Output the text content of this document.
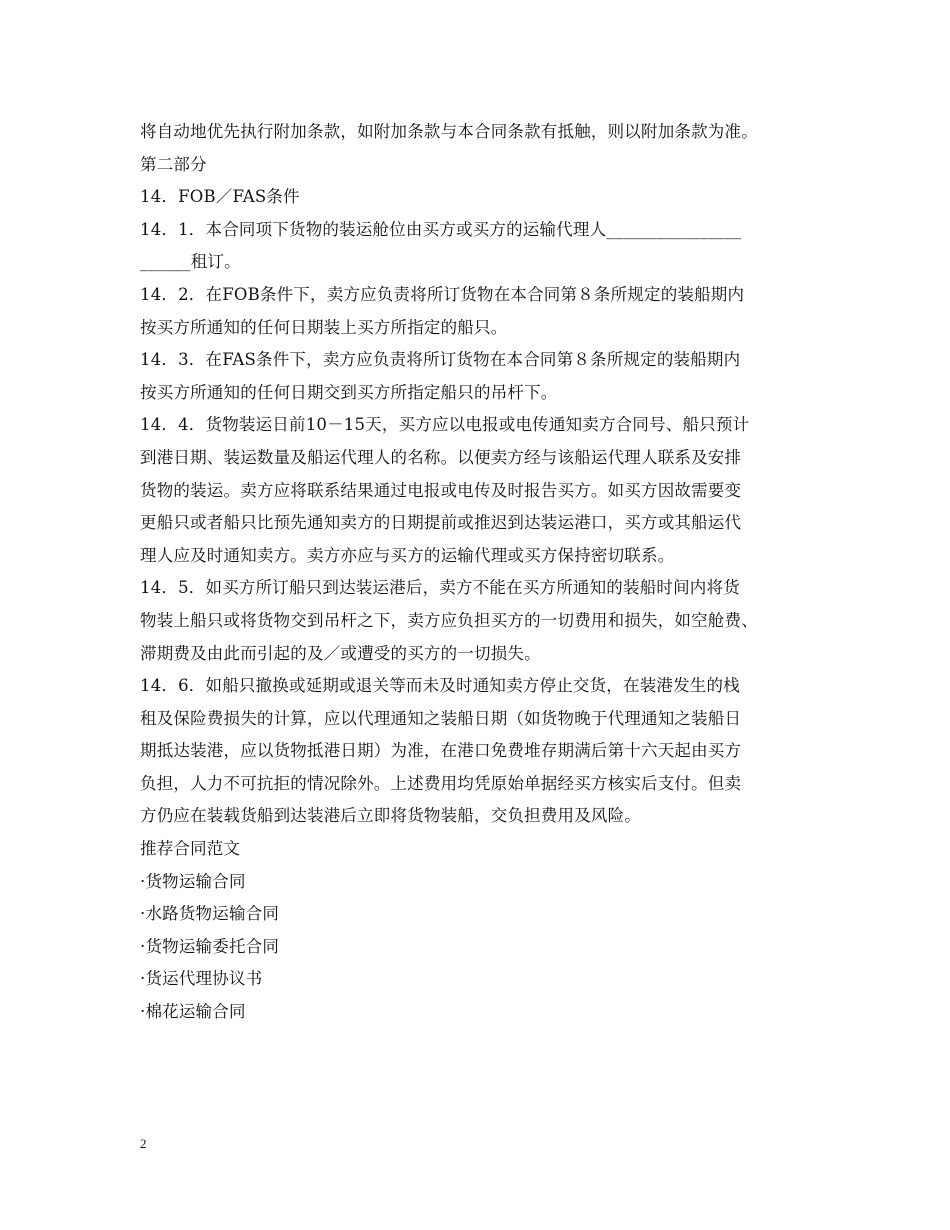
将自动地优先执行附加条款，如附加条款与本合同条款有抵触，则以附加条款为准。
第二部分
14．FOB／FAS条件
14．1．本合同项下货物的装运舱位由买方或买方的运输代理人________________
______租订。
14．2．在FOB条件下，卖方应负责将所订货物在本合同第８条所规定的装船期内
按买方所通知的任何日期装上买方所指定的船只。
14．3．在FAS条件下，卖方应负责将所订货物在本合同第８条所规定的装船期内
按买方所通知的任何日期交到买方所指定船只的吊杆下。
14．4．货物装运日前10－15天，买方应以电报或电传通知卖方合同号、船只预计
到港日期、装运数量及船运代理人的名称。以便卖方经与该船运代理人联系及安排
货物的装运。卖方应将联系结果通过电报或电传及时报告买方。如买方因故需要变
更船只或者船只比预先通知卖方的日期提前或推迟到达装运港口，买方或其船运代
理人应及时通知卖方。卖方亦应与买方的运输代理或买方保持密切联系。
14．5．如买方所订船只到达装运港后，卖方不能在买方所通知的装船时间内将货
物装上船只或将货物交到吊杆之下，卖方应负担买方的一切费用和损失，如空舱费、
滞期费及由此而引起的及／或遭受的买方的一切损失。
14．6．如船只撤换或延期或退关等而未及时通知卖方停止交货，在装港发生的栈
租及保险费损失的计算，应以代理通知之装船日期（如货物晚于代理通知之装船日
期抵达装港，应以货物抵港日期）为准，在港口免费堆存期满后第十六天起由买方
负担，人力不可抗拒的情况除外。上述费用均凭原始单据经买方核实后支付。但卖
方仍应在装载货船到达装港后立即将货物装船，交负担费用及风险。
推荐合同范文
·货物运输合同
·水路货物运输合同
·货物运输委托合同
·货运代理协议书
·棉花运输合同
2
